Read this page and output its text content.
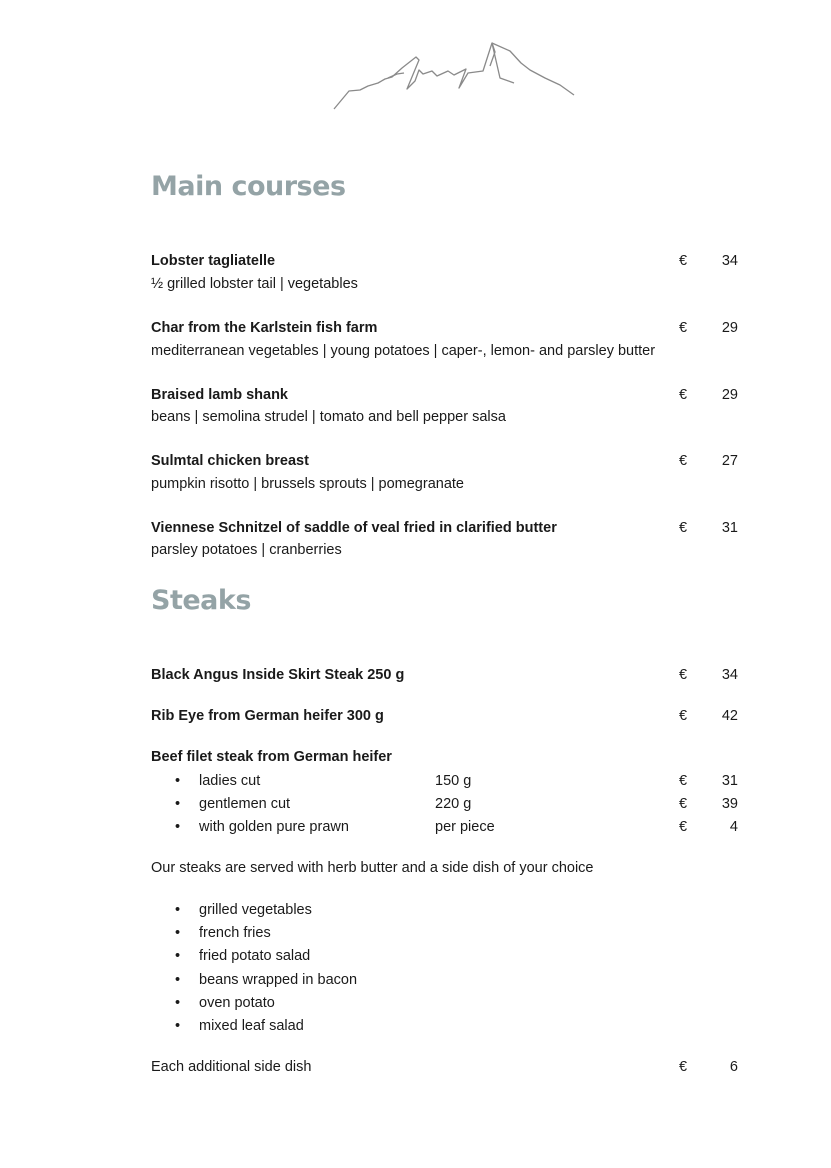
Main courses
Lobster tagliatelle	€ 34
½ grilled lobster tail | vegetables
Char from the Karlstein fish farm	€ 29
mediterranean vegetables | young potatoes | caper-, lemon- and parsley butter
Braised lamb shank	€ 29
beans | semolina strudel | tomato and bell pepper salsa
Sulmtal chicken breast	€ 27
pumpkin risotto | brussels sprouts | pomegranate
Viennese Schnitzel of saddle of veal fried in clarified butter	€ 31
parsley potatoes | cranberries
Steaks
Black Angus Inside Skirt Steak 250 g	€ 34
Rib Eye from German heifer 300 g	€ 42
Beef filet steak from German heifer
• ladies cut	150 g	€ 31
• gentlemen cut	220 g	€ 39
• with golden pure prawn	per piece	€	4
Our steaks are served with herb butter and a side dish of your choice
• grilled vegetables
• french fries
• fried potato salad
• beans wrapped in bacon
• oven potato
• mixed leaf salad
Each additional side dish	€	6
